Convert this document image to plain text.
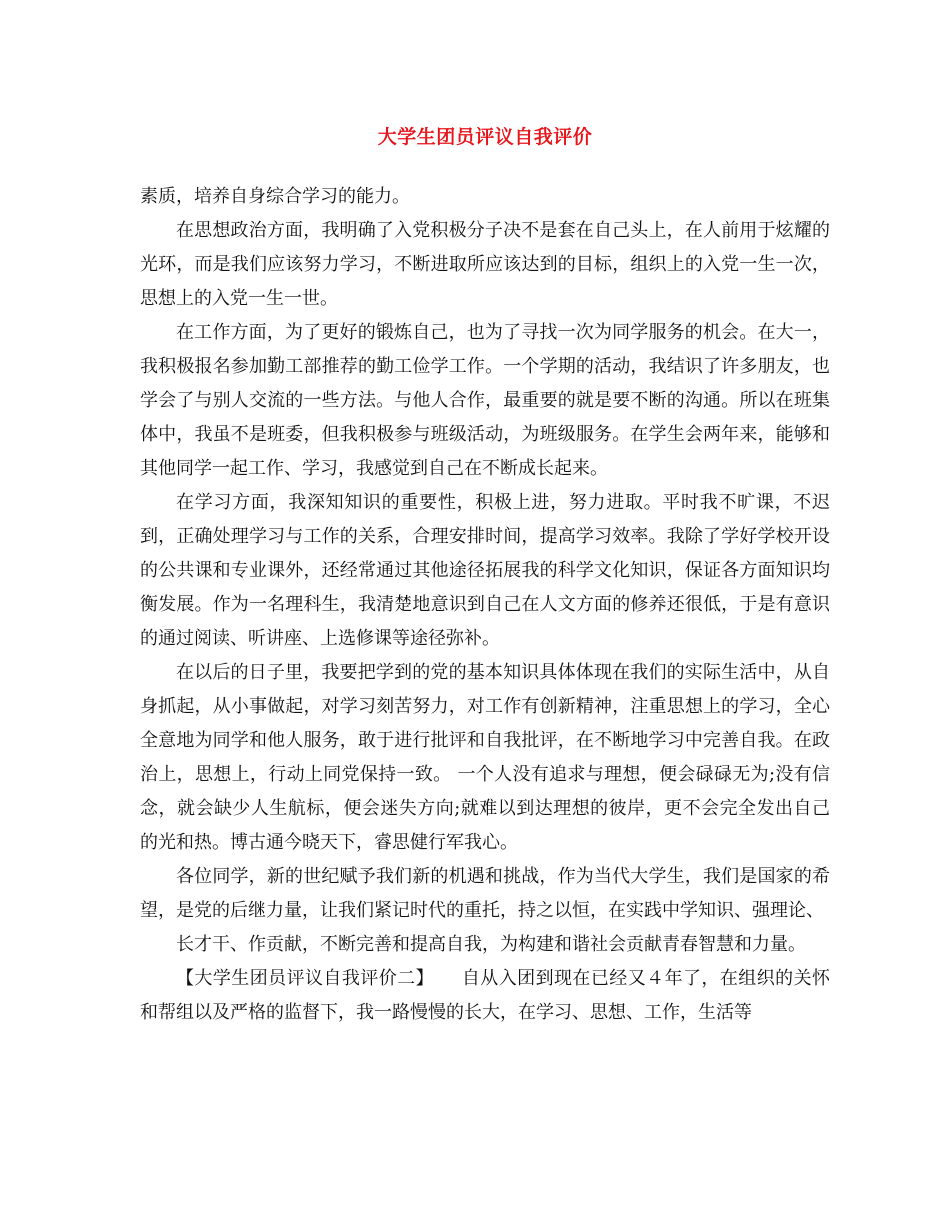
大学生团员评议自我评价

素质，培养自身综合学习的能力。

在思想政治方面，我明确了入党积极分子决不是套在自己头上，在人前用于炫耀的光环，而是我们应该努力学习，不断进取所应该达到的目标，组织上的入党一生一次，思想上的入党一生一世。

在工作方面，为了更好的锻炼自己，也为了寻找一次为同学服务的机会。在大一，我积极报名参加勤工部推荐的勤工俭学工作。一个学期的活动，我结识了许多朋友，也学会了与别人交流的一些方法。与他人合作，最重要的就是要不断的沟通。所以在班集体中，我虽不是班委，但我积极参与班级活动，为班级服务。在学生会两年来，能够和其他同学一起工作、学习，我感觉到自己在不断成长起来。

在学习方面，我深知知识的重要性，积极上进，努力进取。平时我不旷课，不迟到，正确处理学习与工作的关系，合理安排时间，提高学习效率。我除了学好学校开设的公共课和专业课外，还经常通过其他途径拓展我的科学文化知识，保证各方面知识均衡发展。作为一名理科生，我清楚地意识到自己在人文方面的修养还很低，于是有意识的通过阅读、听讲座、上选修课等途径弥补。

在以后的日子里，我要把学到的党的基本知识具体体现在我们的实际生活中，从自身抓起，从小事做起，对学习刻苦努力，对工作有创新精神，注重思想上的学习，全心全意地为同学和他人服务，敢于进行批评和自我批评，在不断地学习中完善自我。在政治上，思想上，行动上同党保持一致。 一个人没有追求与理想，便会碌碌无为;没有信念，就会缺少人生航标，便会迷失方向;就难以到达理想的彼岸，更不会完全发出自己的光和热。博古通今晓天下，睿思健行军我心。

各位同学，新的世纪赋予我们新的机遇和挑战，作为当代大学生，我们是国家的希望，是党的后继力量，让我们紧记时代的重托，持之以恒，在实践中学知识、强理论、

长才干、作贡献，不断完善和提高自我，为构建和谐社会贡献青春智慧和力量。

【大学生团员评议自我评价二】　　自从入团到现在已经又４年了，在组织的关怀和帮组以及严格的监督下，我一路慢慢的长大，在学习、思想、工作，生活等
